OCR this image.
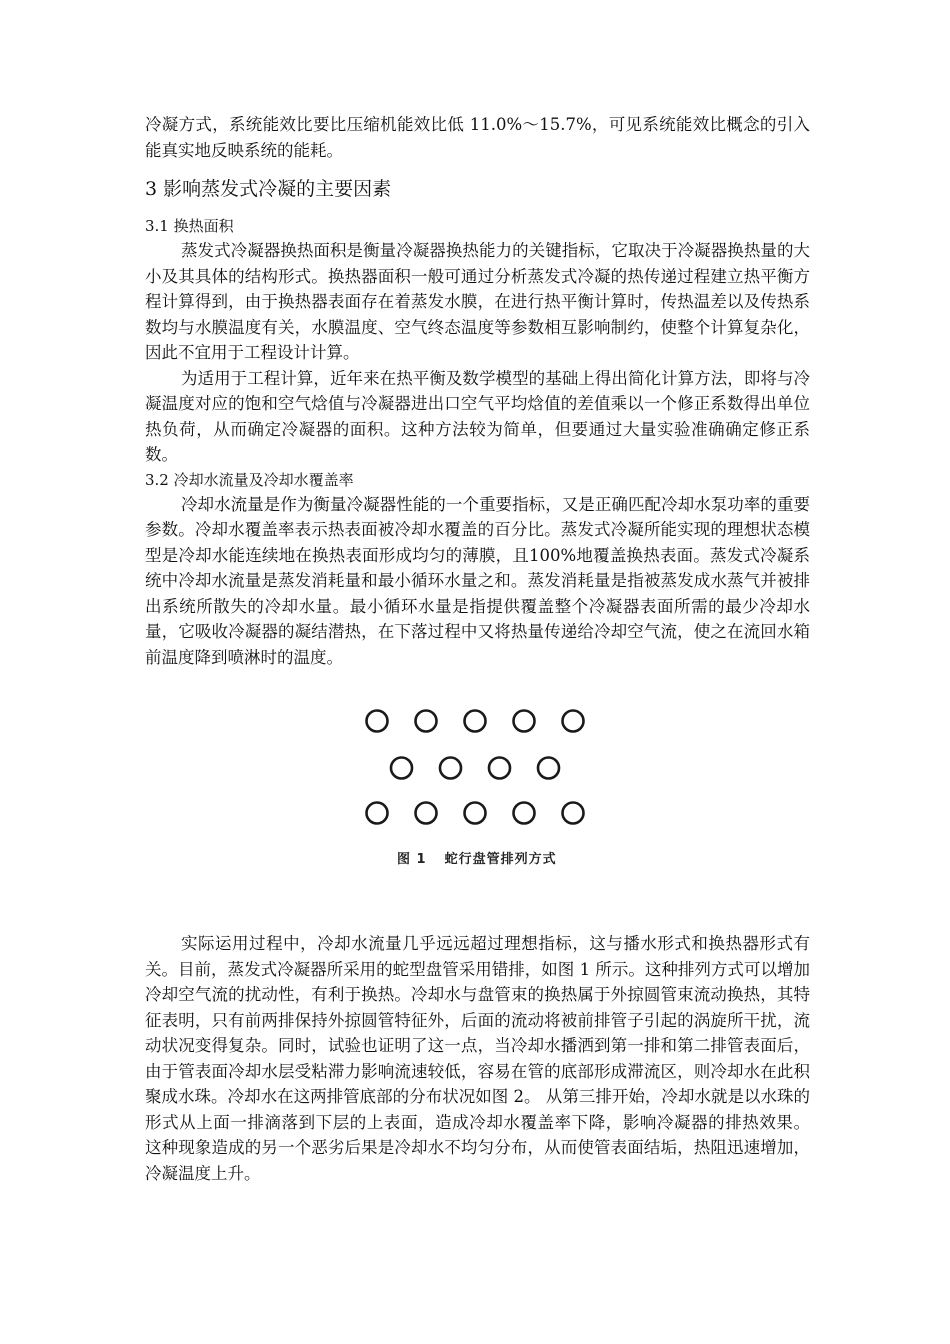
冷凝方式，系统能效比要比压缩机能效比低 11.0%～15.7%，可见系统能效比概念的引入能真实地反映系统的能耗。

3 影响蒸发式冷凝的主要因素
3.1 换热面积

蒸发式冷凝器换热面积是衡量冷凝器换热能力的关键指标，它取决于冷凝器换热量的大小及其具体的结构形式。换热器面积一般可通过分析蒸发式冷凝的热传递过程建立热平衡方程计算得到，由于换热器表面存在着蒸发水膜，在进行热平衡计算时，传热温差以及传热系数均与水膜温度有关，水膜温度、空气终态温度等参数相互影响制约，使整个计算复杂化，因此不宜用于工程设计计算。

为适用于工程计算，近年来在热平衡及数学模型的基础上得出简化计算方法，即将与冷凝温度对应的饱和空气焓值与冷凝器进出口空气平均焓值的差值乘以一个修正系数得出单位热负荷，从而确定冷凝器的面积。这种方法较为简单，但要通过大量实验准确确定修正系数。

3.2 冷却水流量及冷却水覆盖率

冷却水流量是作为衡量冷凝器性能的一个重要指标，又是正确匹配冷却水泵功率的重要参数。冷却水覆盖率表示热表面被冷却水覆盖的百分比。蒸发式冷凝所能实现的理想状态模型是冷却水能连续地在换热表面形成均匀的薄膜，且100%地覆盖换热表面。蒸发式冷凝系统中冷却水流量是蒸发消耗量和最小循环水量之和。蒸发消耗量是指被蒸发成水蒸气并被排出系统所散失的冷却水量。最小循环水量是指提供覆盖整个冷凝器表面所需的最少冷却水量，它吸收冷凝器的凝结潜热，在下落过程中又将热量传递给冷却空气流，使之在流回水箱前温度降到喷淋时的温度。

图 1 蛇行盘管排列方式

实际运用过程中，冷却水流量几乎远远超过理想指标，这与播水形式和换热器形式有关。目前，蒸发式冷凝器所采用的蛇型盘管采用错排，如图 1 所示。这种排列方式可以增加冷却空气流的扰动性，有利于换热。冷却水与盘管束的换热属于外掠圆管束流动换热，其特征表明，只有前两排保持外掠圆管特征外，后面的流动将被前排管子引起的涡旋所干扰，流动状况变得复杂。同时，试验也证明了这一点，当冷却水播洒到第一排和第二排管表面后，由于管表面冷却水层受粘滞力影响流速较低，容易在管的底部形成滞流区，则冷却水在此积聚成水珠。冷却水在这两排管底部的分布状况如图 2。 从第三排开始，冷却水就是以水珠的形式从上面一排滴落到下层的上表面，造成冷却水覆盖率下降，影响冷凝器的排热效果。 这种现象造成的另一个恶劣后果是冷却水不均匀分布，从而使管表面结垢，热阻迅速增加，冷凝温度上升。
